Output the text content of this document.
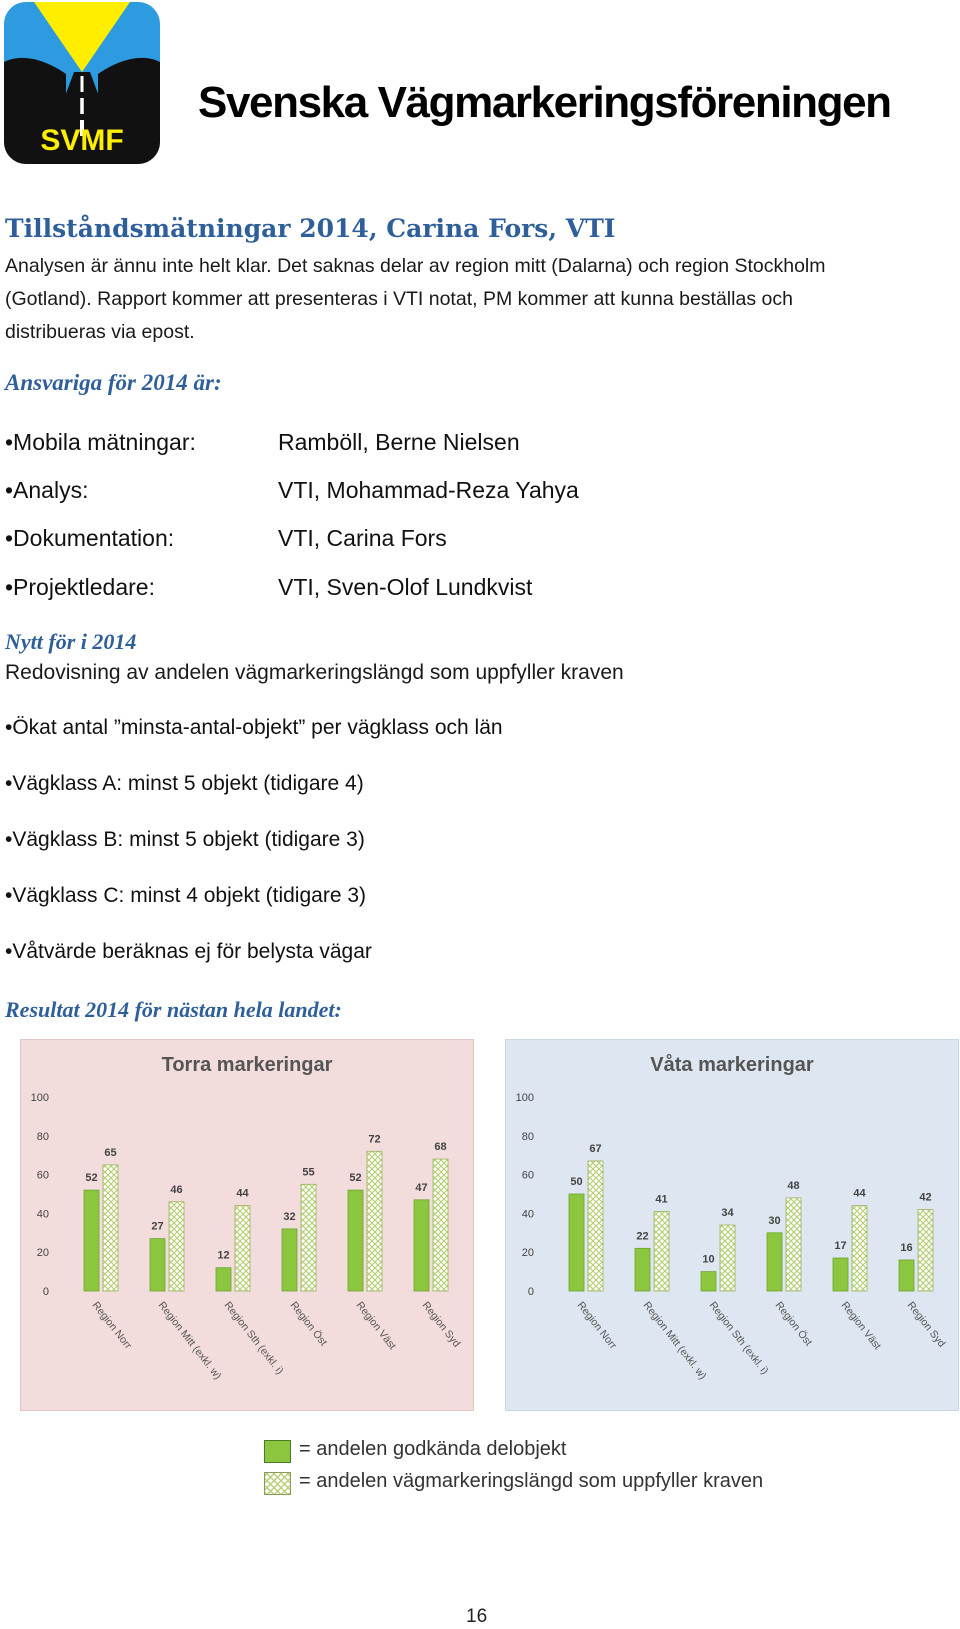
SVMF
Svenska Vägmarkeringsföreningen
Tillståndsmätningar 2014, Carina Fors, VTI

Analysen är ännu inte helt klar. Det saknas delar av region mitt (Dalarna) och region Stockholm

(Gotland). Rapport kommer att presenteras i VTI notat, PM kommer att kunna beställas och

distribueras via epost.

Ansvariga för 2014 är:
•Mobila mätningar:	Ramböll, Berne Nielsen
•Analys:	VTI, Mohammad-Reza Yahya
•Dokumentation:	VTI, Carina Fors
•Projektledare:	VTI, Sven-Olof Lundkvist
Nytt för i 2014
Redovisning av andelen vägmarkeringslängd som uppfyller kraven
•Ökat antal ”minsta-antal-objekt” per vägklass och län
•Vägklass A: minst 5 objekt (tidigare 4)
•Vägklass B: minst 5 objekt (tidigare 3)
•Vägklass C: minst 4 objekt (tidigare 3)
•Våtvärde beräknas ej för belysta vägar
Resultat 2014 för nästan hela landet:
Torra markeringar
0
20
40
60
80
100
52
65
Region Norr
27
46
Region Mitt (exkl. w)
12
44
Region Sth (exkl. i)
32
55
Region Öst
52
72
Region Väst
47
68
Region Syd
Våta markeringar
0
20
40
60
80
100
50
67
Region Norr
22
41
Region Mitt (exkl. w)
10
34
Region Sth (exkl. i)
30
48
Region Öst
17
44
Region Väst
16
42
Region Syd
= andelen godkända delobjekt
= andelen vägmarkeringslängd som uppfyller kraven
16
